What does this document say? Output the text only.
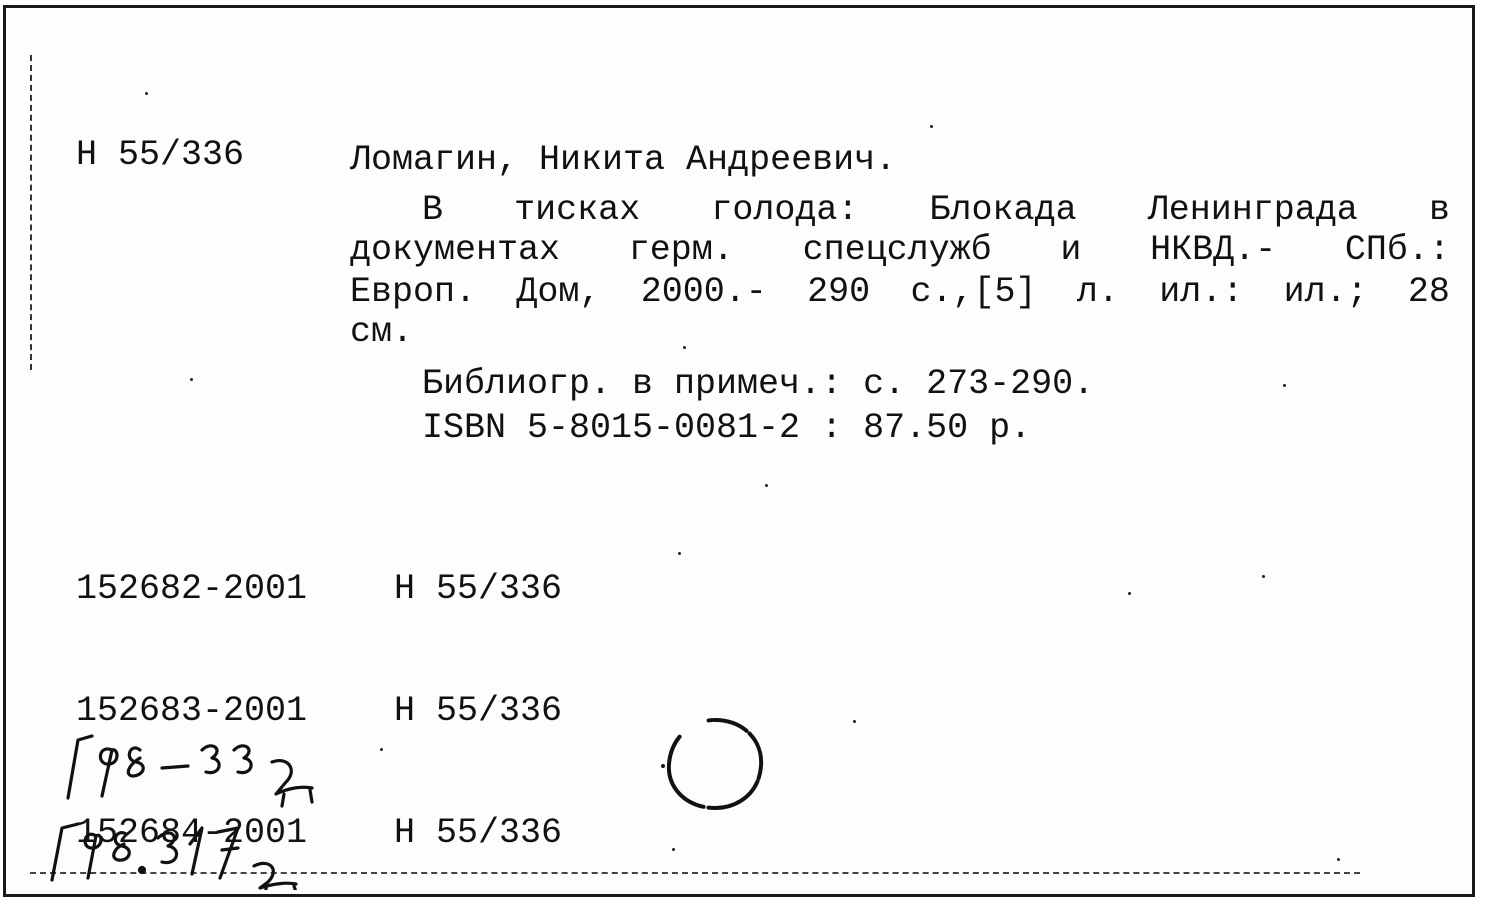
Н 55/336

	Ломагин, Никита Андреевич.

В тисках голода: Блокада Ленинграда в

документах герм. спецслужб и НКВД.- СПб.:

Европ. Дом, 2000.- 290 с.,[5] л. ил.: ил.; 28

см.

Библиогр. в примеч.: с. 273-290.

ISBN 5-8015-0081-2 : 87.50 р.

152682-2001	Н 55/336

152683-2001	Н 55/336

152684-2001	Н 55/336
